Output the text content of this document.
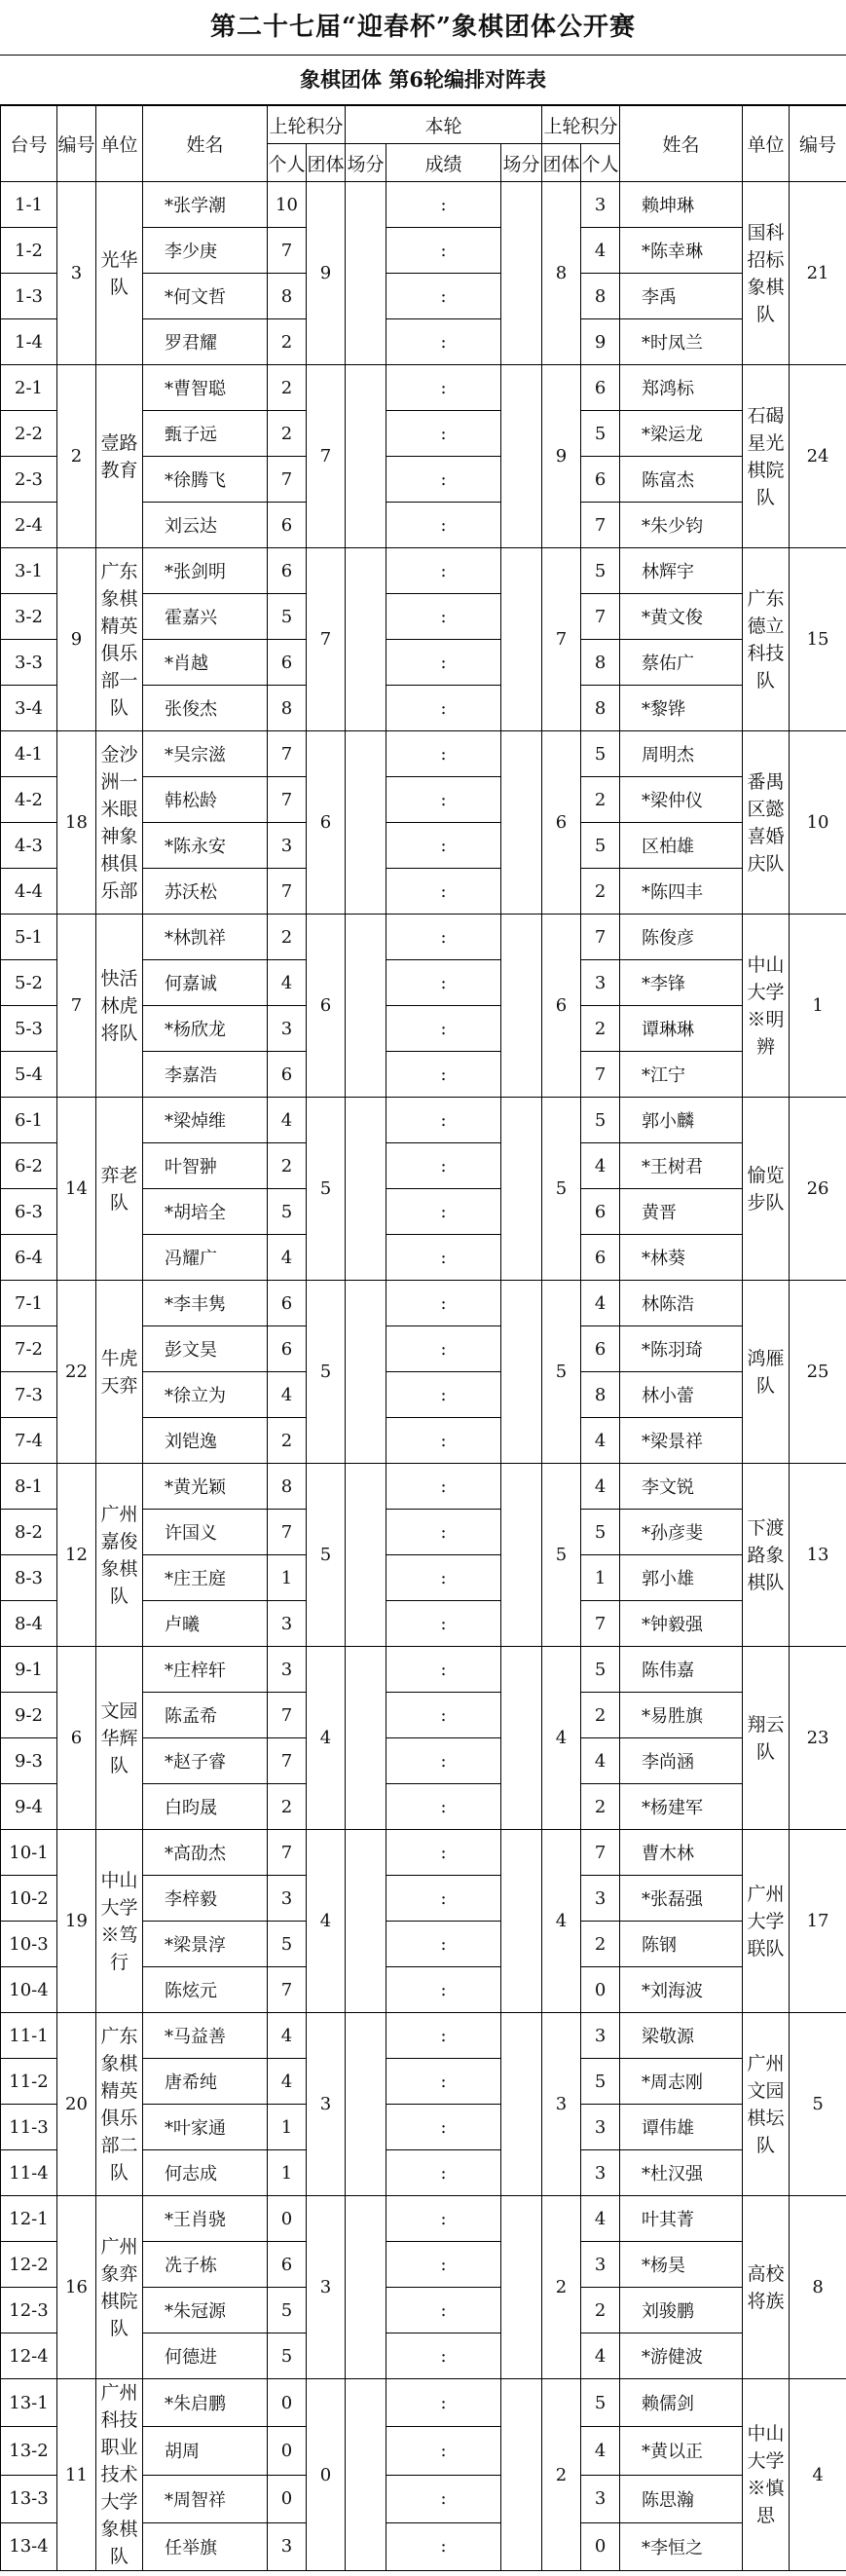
第二十七届“迎春杯”象棋团体公开赛
象棋团体 第6轮编排对阵表
台号	编号	单位	姓名	上轮积分		本轮			上轮积分		姓名	单位	编号
				个人	团体	场分	成绩	场分	团体	个人			
1-1	3	光华队	*张学潮	10	9		:		8	3	赖坤琳	国科招标象棋队	21
1-2			李少庚	7			:			4	*陈幸琳		
1-3			*何文哲	8			:			8	李禹		
1-4			罗君耀	2			:			9	*时凤兰		
2-1	2	壹路教育	*曹智聪	2	7		:		9	6	郑鸿标	石碣星光棋院队	24
2-2			甄子远	2			:			5	*梁运龙		
2-3			*徐腾飞	7			:			6	陈富杰		
2-4			刘云达	6			:			7	*朱少钧		
3-1	9	广东象棋精英俱乐部一队	*张剑明	6	7		:		7	5	林辉宇	广东德立科技队	15
3-2			霍嘉兴	5			:			7	*黄文俊		
3-3			*肖越	6			:			8	蔡佑广		
3-4			张俊杰	8			:			8	*黎铧		
4-1	18	金沙洲一米眼神象棋俱乐部	*吴宗滋	7	6		:		6	5	周明杰	番禺区懿喜婚庆队	10
4-2			韩松龄	7			:			2	*梁仲仪		
4-3			*陈永安	3			:			5	区柏雄		
4-4			苏沃松	7			:			2	*陈四丰		
5-1	7	快活林虎将队	*林凯祥	2	6		:		6	7	陈俊彦	中山大学※明辨	1
5-2			何嘉诚	4			:			3	*李锋		
5-3			*杨欣龙	3			:			2	谭琳琳		
5-4			李嘉浩	6			:			7	*江宁		
6-1	14	弈老队	*梁焯维	4	5		:		5	5	郭小麟	愉览步队	26
6-2			叶智翀	2			:			4	*王树君		
6-3			*胡培全	5			:			6	黄晋		
6-4			冯耀广	4			:			6	*林葵		
7-1	22	牛虎天弈	*李丰隽	6	5		:		5	4	林陈浩	鸿雁队	25
7-2			彭文昊	6			:			6	*陈羽琦		
7-3			*徐立为	4			:			8	林小蕾		
7-4			刘铠逸	2			:			4	*梁景祥		
8-1	12	广州嘉俊象棋队	*黄光颖	8	5		:		5	4	李文锐	下渡路象棋队	13
8-2			许国义	7			:			5	*孙彦斐		
8-3			*庄王庭	1			:			1	郭小雄		
8-4			卢曦	3			:			7	*钟毅强		
9-1	6	文园华辉队	*庄梓轩	3	4		:		4	5	陈伟嘉	翔云队	23
9-2			陈孟希	7			:			2	*易胜旗		
9-3			*赵子睿	7			:			4	李尚涵		
9-4			白昀晟	2			:			2	*杨建军		
10-1	19	中山大学※笃行	*高劭杰	7	4		:		4	7	曹木林	广州大学联队	17
10-2			李梓毅	3			:			3	*张磊强		
10-3			*梁景淳	5			:			2	陈钢		
10-4			陈炫元	7			:			0	*刘海波		
11-1	20	广东象棋精英俱乐部二队	*马益善	4	3		:		3	3	梁敬源	广州文园棋坛队	5
11-2			唐希纯	4			:			5	*周志刚		
11-3			*叶家通	1			:			3	谭伟雄		
11-4			何志成	1			:			3	*杜汉强		
12-1	16	广州象弈棋院队	*王肖骁	0	3		:		2	4	叶其菁	高校将族	8
12-2			冼子栋	6			:			3	*杨昊		
12-3			*朱冠源	5			:			2	刘骏鹏		
12-4			何德进	5			:			4	*游健波		
13-1	11	广州科技职业技术大学象棋队	*朱启鹏	0	0		:		2	5	赖儒剑	中山大学※慎思	4
13-2			胡周	0			:			4	*黄以正		
13-3			*周智祥	0			:			3	陈思瀚		
13-4			任举旗	3			:			0	*李恒之		
